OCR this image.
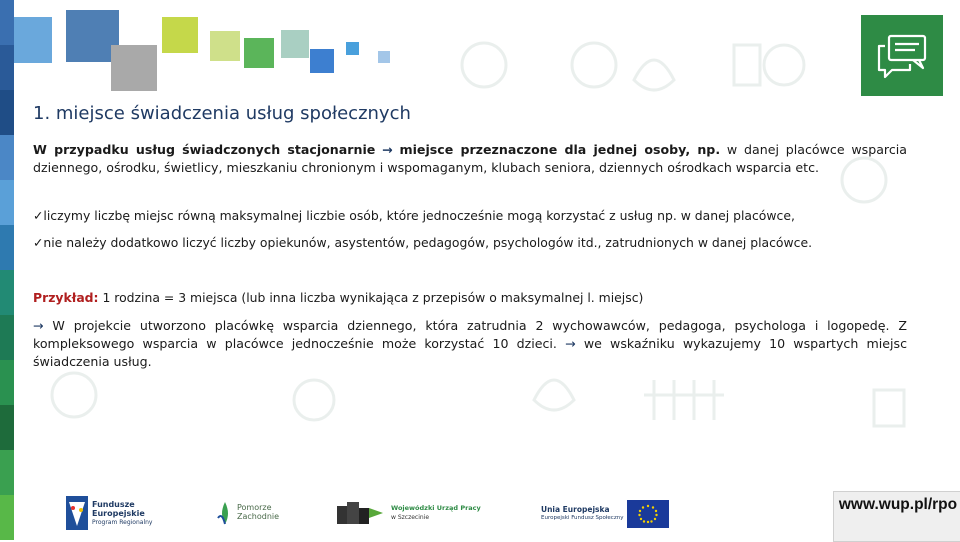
1. miejsce świadczenia usług społecznych
W przypadku usług świadczonych stacjonarnie → miejsce przeznaczone dla jednej osoby, np. w danej placówce wsparcia dziennego, ośrodku, świetlicy, mieszkaniu chronionym i wspomaganym, klubach seniora, dziennych ośrodkach wsparcia etc.
✓liczymy liczbę miejsc równą maksymalnej liczbie osób, które jednocześnie mogą korzystać z usług np. w danej placówce,
✓nie należy dodatkowo liczyć liczby opiekunów, asystentów, pedagogów, psychologów itd., zatrudnionych w danej placówce.
Przykład: 1 rodzina = 3 miejsca (lub inna liczba wynikająca z przepisów o maksymalnej l. miejsc)
→ W projekcie utworzono placówkę wsparcia dziennego, która zatrudnia 2 wychowawców, pedagoga, psychologa i logopedę. Z kompleksowego wsparcia w placówce jednocześnie może korzystać 10 dzieci. → we wskaźniku wykazujemy 10 wspartych miejsc świadczenia usług.
Fundusze
Europejskie
Program Regionalny
Pomorze
Zachodnie
Wojewódzki Urząd Pracy
w Szczecinie
Unia Europejska
Europejski Fundusz Społeczny
www.wup.pl/rpo
